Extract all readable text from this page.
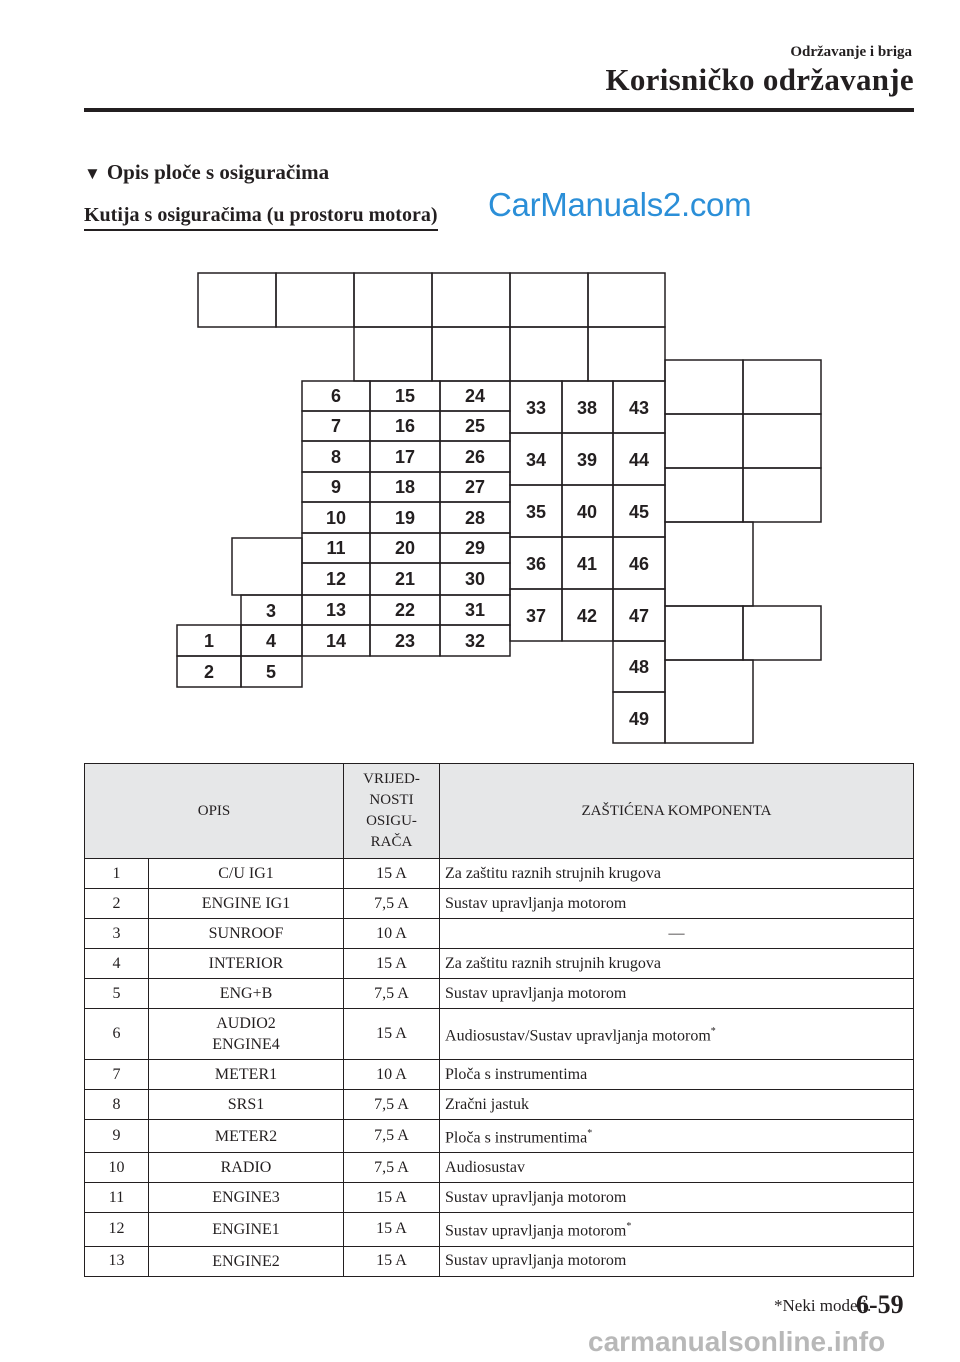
Održavanje i briga
Korisničko održavanje
▼ Opis ploče s osiguračima
Kutija s osiguračima (u prostoru motora) CarManuals2.com
1
2
3
4
5
6
7
8
9
10
11
12
13
14
15
16
17
18
19
20
21
22
23
24
25
26
27
28
29
30
31
32
33
34
35
36
37
38
39
40
41
42
43
44
45
46
47
48
49
OPIS		VRIJED-
NOSTI
OSIGU-
RAČA	ZAŠTIĆENA KOMPONENTA
1	C/U IG1	15 A	Za zaštitu raznih strujnih krugova
2	ENGINE IG1	7,5 A	Sustav upravljanja motorom
3	SUNROOF	10 A	—
4	INTERIOR	15 A	Za zaštitu raznih strujnih krugova
5	ENG+B	7,5 A	Sustav upravljanja motorom
6	AUDIO2
ENGINE4	15 A	Audiosustav/Sustav upravljanja motorom*
7	METER1	10 A	Ploča s instrumentima
8	SRS1	7,5 A	Zračni jastuk
9	METER2	7,5 A	Ploča s instrumentima*
10	RADIO	7,5 A	Audiosustav
11	ENGINE3	15 A	Sustav upravljanja motorom
12	ENGINE1	15 A	Sustav upravljanja motorom*
13	ENGINE2	15 A	Sustav upravljanja motorom
*Neki modeli.
6-59
carmanualsonline.info
